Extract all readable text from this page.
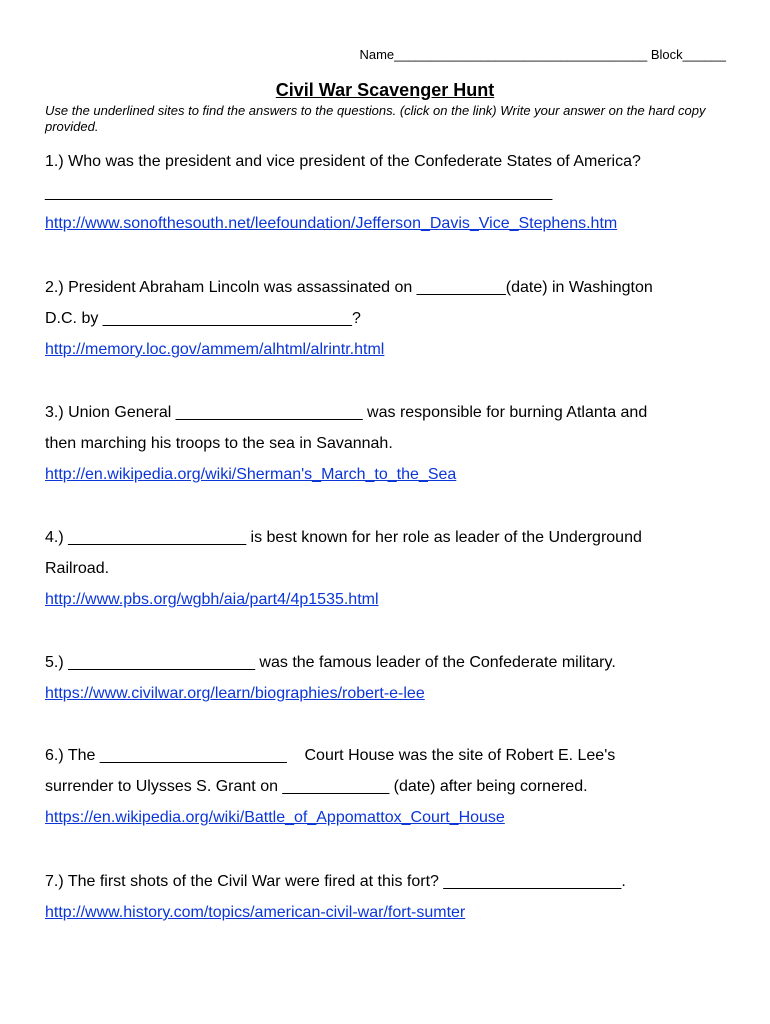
Name___________________________________ Block______
Civil War Scavenger Hunt
Use the underlined sites to find the answers to the questions. (click on the link) Write your answer on the hard copy provided.

1.) Who was the president and vice president of the Confederate States of America?

_________________________________________________________

http://www.sonofthesouth.net/leefoundation/Jefferson_Davis_Vice_Stephens.htm

2.) President Abraham Lincoln was assassinated on __________(date) in Washington

D.C. by ____________________________?

http://memory.loc.gov/ammem/alhtml/alrintr.html

3.) Union General _____________________ was responsible for burning Atlanta and

then marching his troops to the sea in Savannah.

http://en.wikipedia.org/wiki/Sherman's_March_to_the_Sea

4.) ____________________ is best known for her role as leader of the Underground

Railroad.

http://www.pbs.org/wgbh/aia/part4/4p1535.html

5.) _____________________ was the famous leader of the Confederate military.

https://www.civilwar.org/learn/biographies/robert-e-lee

6.) The _____________________    Court House was the site of Robert E. Lee's

surrender to Ulysses S. Grant on ____________ (date) after being cornered.

https://en.wikipedia.org/wiki/Battle_of_Appomattox_Court_House

7.) The first shots of the Civil War were fired at this fort? ____________________.

http://www.history.com/topics/american-civil-war/fort-sumter
